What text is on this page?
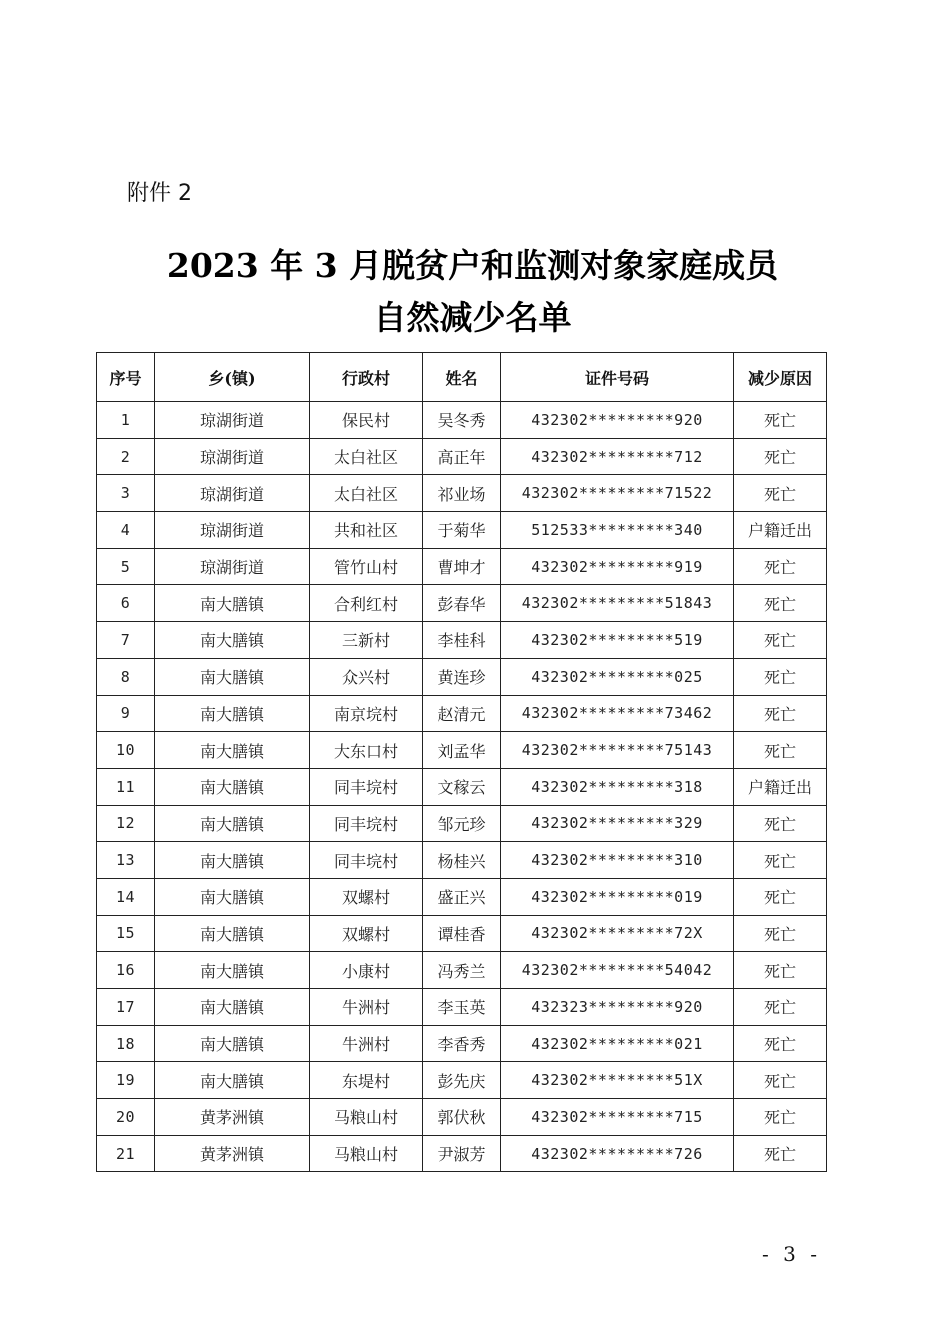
附件 2
2023 年 3 月脱贫户和监测对象家庭成员
自然减少名单
序号	乡(镇)	行政村	姓名	证件号码	减少原因
1	琼湖街道	保民村	吴冬秀	432302*********920	死亡
2	琼湖街道	太白社区	高正年	432302*********712	死亡
3	琼湖街道	太白社区	祁业场	432302*********71522	死亡
4	琼湖街道	共和社区	于菊华	512533*********340	户籍迁出
5	琼湖街道	管竹山村	曹坤才	432302*********919	死亡
6	南大膳镇	合利红村	彭春华	432302*********51843	死亡
7	南大膳镇	三新村	李桂科	432302*********519	死亡
8	南大膳镇	众兴村	黄连珍	432302*********025	死亡
9	南大膳镇	南京垸村	赵清元	432302*********73462	死亡
10	南大膳镇	大东口村	刘孟华	432302*********75143	死亡
11	南大膳镇	同丰垸村	文稼云	432302*********318	户籍迁出
12	南大膳镇	同丰垸村	邹元珍	432302*********329	死亡
13	南大膳镇	同丰垸村	杨桂兴	432302*********310	死亡
14	南大膳镇	双螺村	盛正兴	432302*********019	死亡
15	南大膳镇	双螺村	谭桂香	432302*********72X	死亡
16	南大膳镇	小康村	冯秀兰	432302*********54042	死亡
17	南大膳镇	牛洲村	李玉英	432323*********920	死亡
18	南大膳镇	牛洲村	李香秀	432302*********021	死亡
19	南大膳镇	东堤村	彭先庆	432302*********51X	死亡
20	黄茅洲镇	马粮山村	郭伏秋	432302*********715	死亡
21	黄茅洲镇	马粮山村	尹淑芳	432302*********726	死亡
- 3 -
